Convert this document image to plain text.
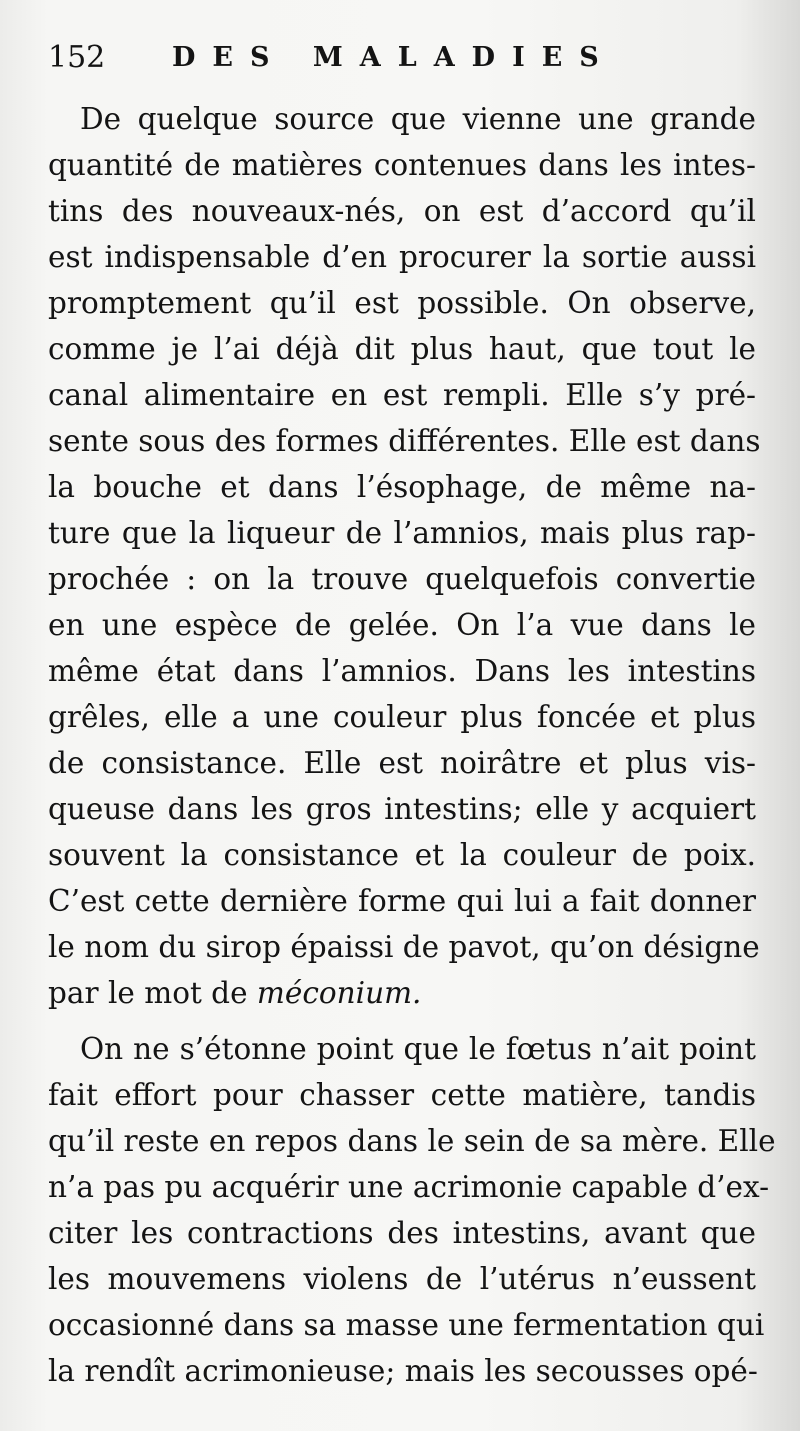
152 DES MALADIES
De quelque source que vienne une grande
quantité de matières contenues dans les intes-
tins des nouveaux-nés, on est d’accord qu’il
est indispensable d’en procurer la sortie aussi
promptement qu’il est possible. On observe,
comme je l’ai déjà dit plus haut, que tout le
canal alimentaire en est rempli. Elle s’y pré-
sente sous des formes différentes. Elle est dans
la bouche et dans l’ésophage, de même na-
ture que la liqueur de l’amnios, mais plus rap-
prochée : on la trouve quelquefois convertie
en une espèce de gelée. On l’a vue dans le
même état dans l’amnios. Dans les intestins
grêles, elle a une couleur plus foncée et plus
de consistance. Elle est noirâtre et plus vis-
queuse dans les gros intestins; elle y acquiert
souvent la consistance et la couleur de poix.
C’est cette dernière forme qui lui a fait donner
le nom du sirop épaissi de pavot, qu’on désigne
par le mot de méconium.
On ne s’étonne point que le fœtus n’ait point
fait effort pour chasser cette matière, tandis
qu’il reste en repos dans le sein de sa mère. Elle
n’a pas pu acquérir une acrimonie capable d’ex-
citer les contractions des intestins, avant que
les mouvemens violens de l’utérus n’eussent
occasionné dans sa masse une fermentation qui
la rendît acrimonieuse; mais les secousses opé-
